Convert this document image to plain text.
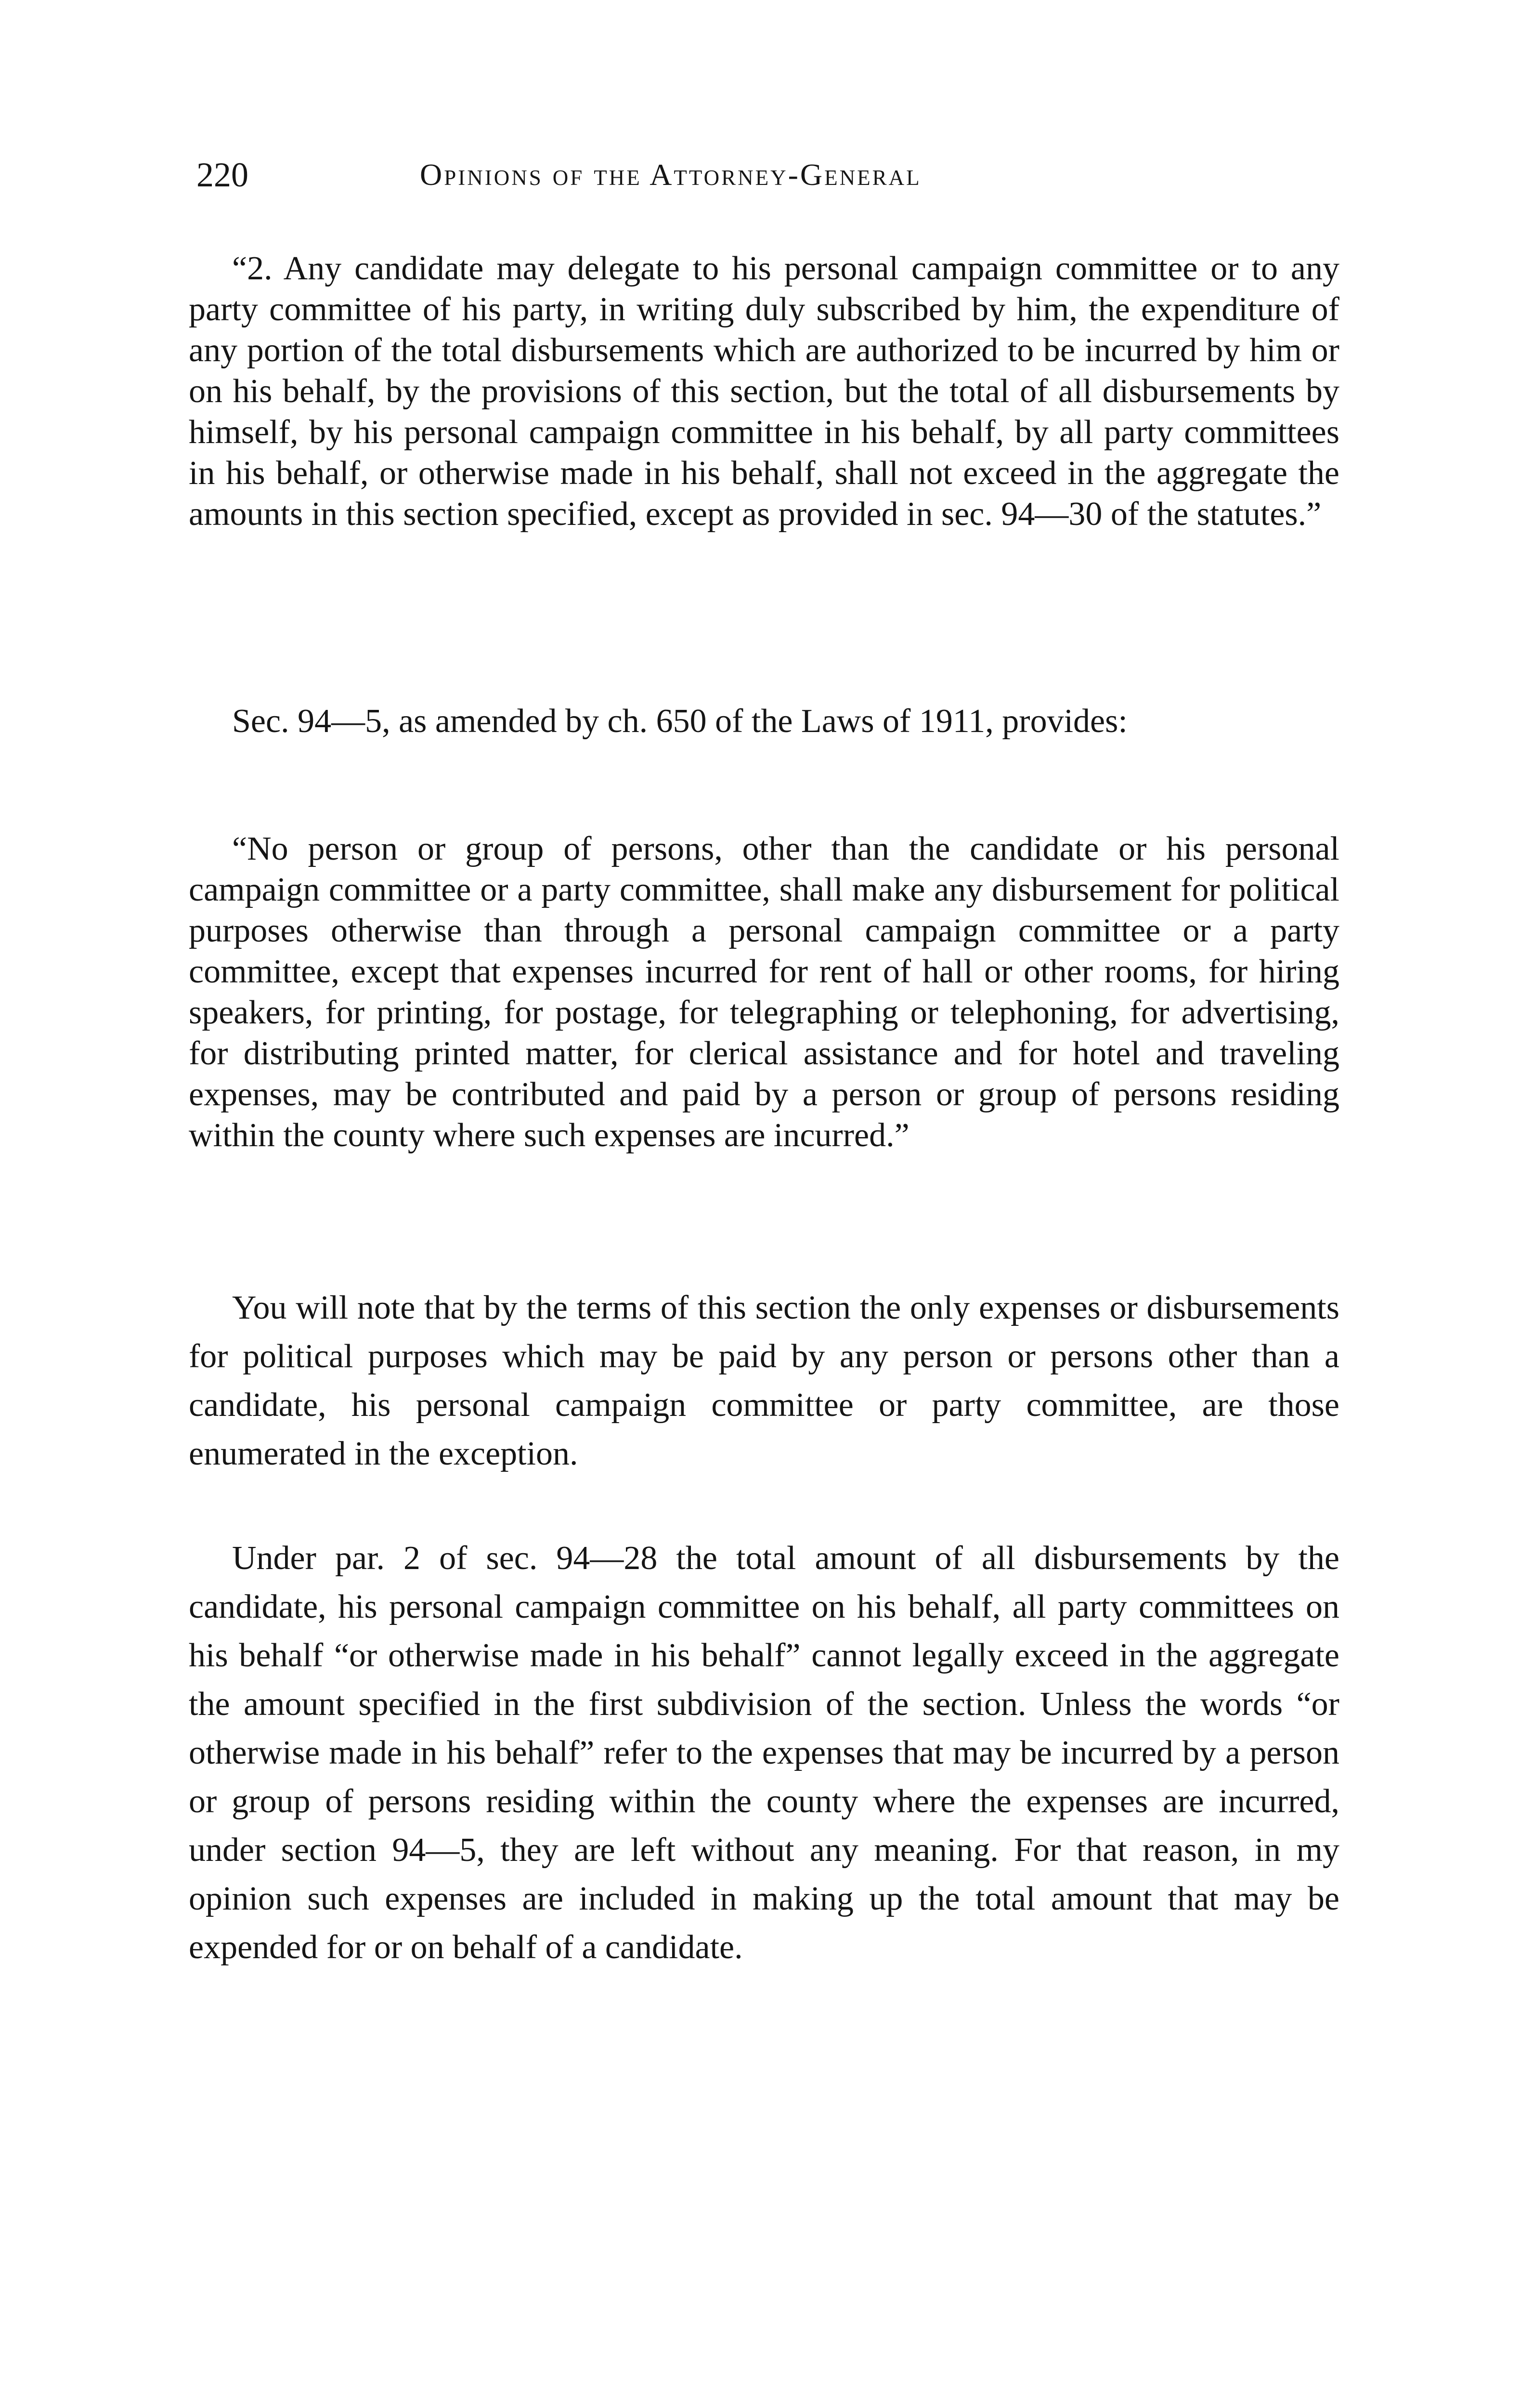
220	Opinions of the Attorney-General

“2. Any candidate may delegate to his personal campaign committee or to any party committee of his party, in writing duly subscribed by him, the expenditure of any portion of the total disbursements which are authorized to be incurred by him or on his behalf, by the provisions of this section, but the total of all disbursements by himself, by his personal campaign committee in his behalf, by all party committees in his behalf, or otherwise made in his behalf, shall not exceed in the aggregate the amounts in this section specified, except as provided in sec. 94—30 of the statutes.”

Sec. 94—5, as amended by ch. 650 of the Laws of 1911, provides:

“No person or group of persons, other than the candidate or his personal campaign committee or a party committee, shall make any disbursement for political purposes otherwise than through a personal campaign committee or a party committee, except that expenses incurred for rent of hall or other rooms, for hiring speakers, for printing, for postage, for telegraphing or telephoning, for advertising, for distributing printed matter, for clerical assistance and for hotel and traveling expenses, may be contributed and paid by a person or group of persons residing within the county where such expenses are incurred.”

You will note that by the terms of this section the only expenses or disbursements for political purposes which may be paid by any person or persons other than a candidate, his personal campaign committee or party committee, are those enumerated in the exception.

Under par. 2 of sec. 94—28 the total amount of all disbursements by the candidate, his personal campaign committee on his behalf, all party committees on his behalf “or otherwise made in his behalf” cannot legally exceed in the aggregate the amount specified in the first subdivision of the section. Unless the words “or otherwise made in his behalf” refer to the expenses that may be incurred by a person or group of persons residing within the county where the expenses are incurred, under section 94—5, they are left without any meaning. For that reason, in my opinion such expenses are included in making up the total amount that may be expended for or on behalf of a candidate.
